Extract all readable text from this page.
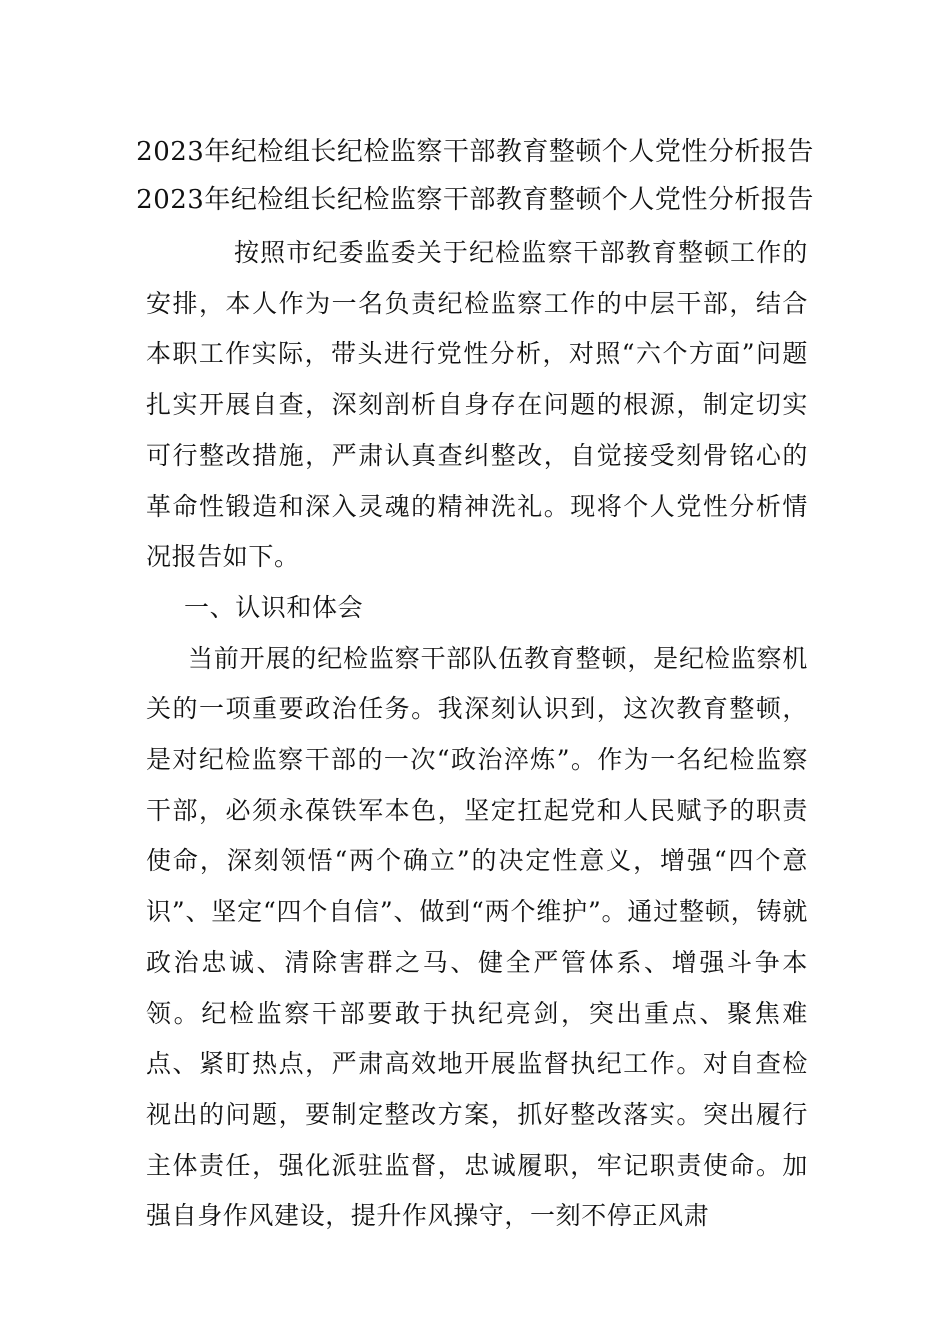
2023年纪检组长纪检监察干部教育整顿个人党性分析报告
2023年纪检组长纪检监察干部教育整顿个人党性分析报告

按照市纪委监委关于纪检监察干部教育整顿工作的安排，本人作为一名负责纪检监察工作的中层干部，结合本职工作实际，带头进行党性分析，对照“六个方面”问题扎实开展自查，深刻剖析自身存在问题的根源，制定切实可行整改措施，严肃认真查纠整改，自觉接受刻骨铭心的革命性锻造和深入灵魂的精神洗礼。现将个人党性分析情况报告如下。

一、认识和体会

当前开展的纪检监察干部队伍教育整顿，是纪检监察机关的一项重要政治任务。我深刻认识到，这次教育整顿，是对纪检监察干部的一次“政治淬炼”。作为一名纪检监察干部，必须永葆铁军本色，坚定扛起党和人民赋予的职责使命，深刻领悟“两个确立”的决定性意义，增强“四个意识”、坚定“四个自信”、做到“两个维护”。通过整顿，铸就政治忠诚、清除害群之马、健全严管体系、增强斗争本领。纪检监察干部要敢于执纪亮剑，突出重点、聚焦难点、紧盯热点，严肃高效地开展监督执纪工作。对自查检视出的问题，要制定整改方案，抓好整改落实。突出履行主体责任，强化派驻监督，忠诚履职，牢记职责使命。加强自身作风建设，提升作风操守，一刻不停正风肃
